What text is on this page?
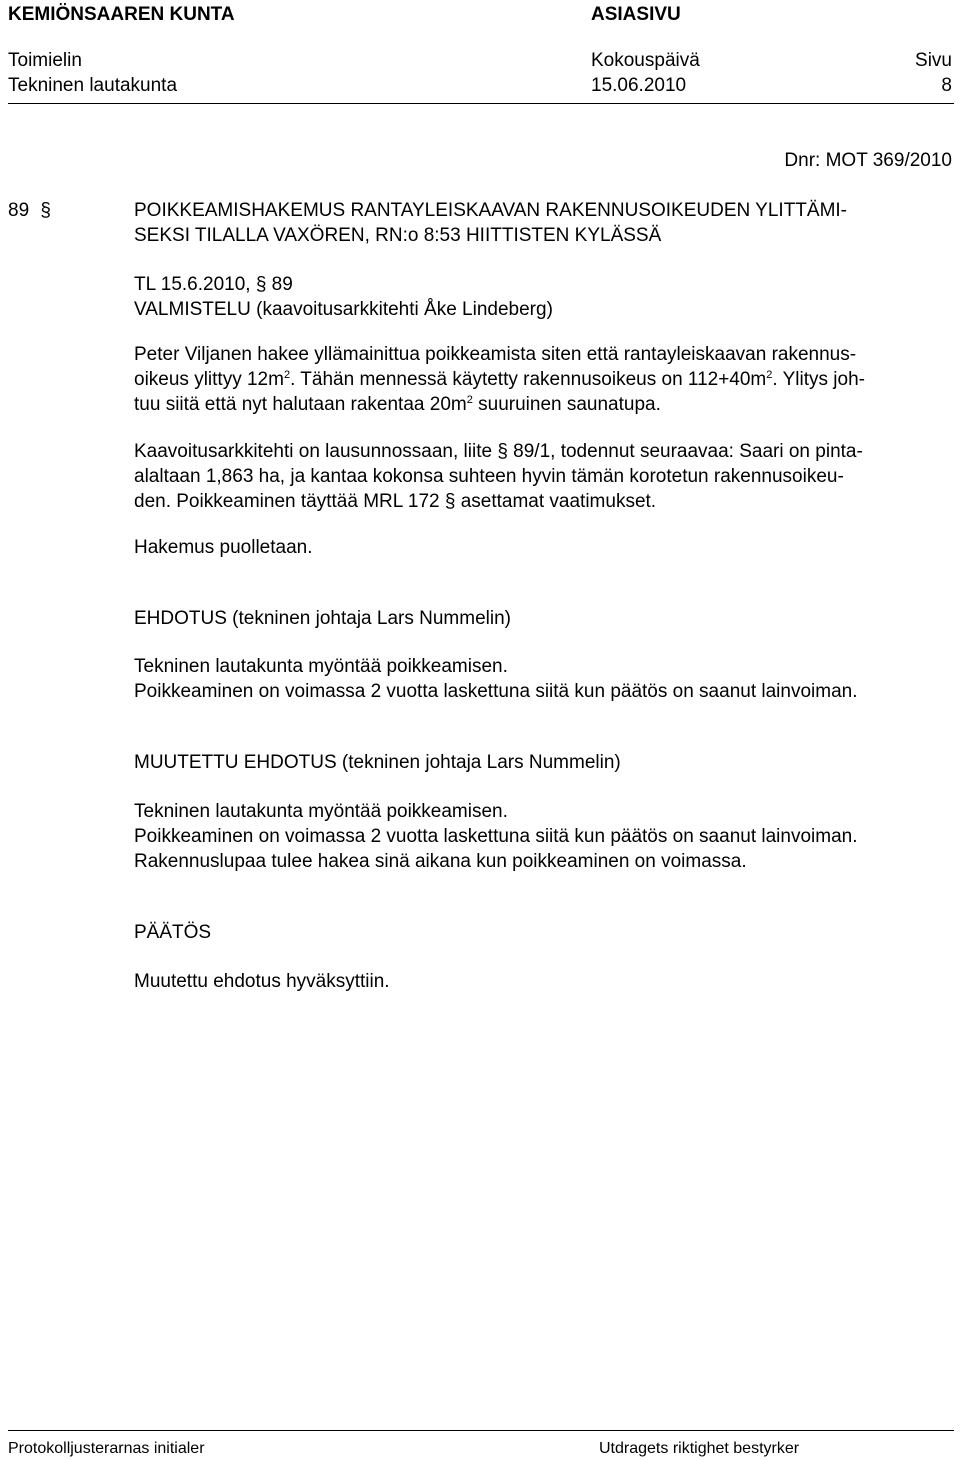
KEMIÖNSAAREN KUNTA	ASIASIVU
Toimielin	Kokouspäivä	Sivu
Tekninen lautakunta	15.06.2010	8
Dnr: MOT 369/2010
89 §	POIKKEAMISHAKEMUS RANTAYLEISKAAVAN RAKENNUSOIKEUDEN YLITTÄMI-
SEKSI TILALLA VAXÖREN, RN:o 8:53 HIITTISTEN KYLÄSSÄ
TL 15.6.2010, § 89
VALMISTELU (kaavoitusarkkitehti Åke Lindeberg)
Peter Viljanen hakee yllämainittua poikkeamista siten että rantayleiskaavan rakennus-
oikeus ylittyy $12m^2$. Tähän mennessä käytetty rakennusoikeus on $112+40m^2$. Ylitys joh-
tuu siitä että nyt halutaan rakentaa $20m^2$ suuruinen saunatupa.
Kaavoitusarkkitehti on lausunnossaan, liite § 89/1, todennut seuraavaa: Saari on pinta-
alaltaan 1,863 ha, ja kantaa kokonsa suhteen hyvin tämän korotetun rakennusoikeu-
den. Poikkeaminen täyttää MRL 172 § asettamat vaatimukset.
Hakemus puolletaan.
EHDOTUS (tekninen johtaja Lars Nummelin)
Tekninen lautakunta myöntää poikkeamisen.
Poikkeaminen on voimassa 2 vuotta laskettuna siitä kun päätös on saanut lainvoiman.
MUUTETTU EHDOTUS (tekninen johtaja Lars Nummelin)
Tekninen lautakunta myöntää poikkeamisen.
Poikkeaminen on voimassa 2 vuotta laskettuna siitä kun päätös on saanut lainvoiman.
Rakennuslupaa tulee hakea sinä aikana kun poikkeaminen on voimassa.
PÄÄTÖS
Muutettu ehdotus hyväksyttiin.
Protokolljusterarnas initialer	Utdragets riktighet bestyrker
